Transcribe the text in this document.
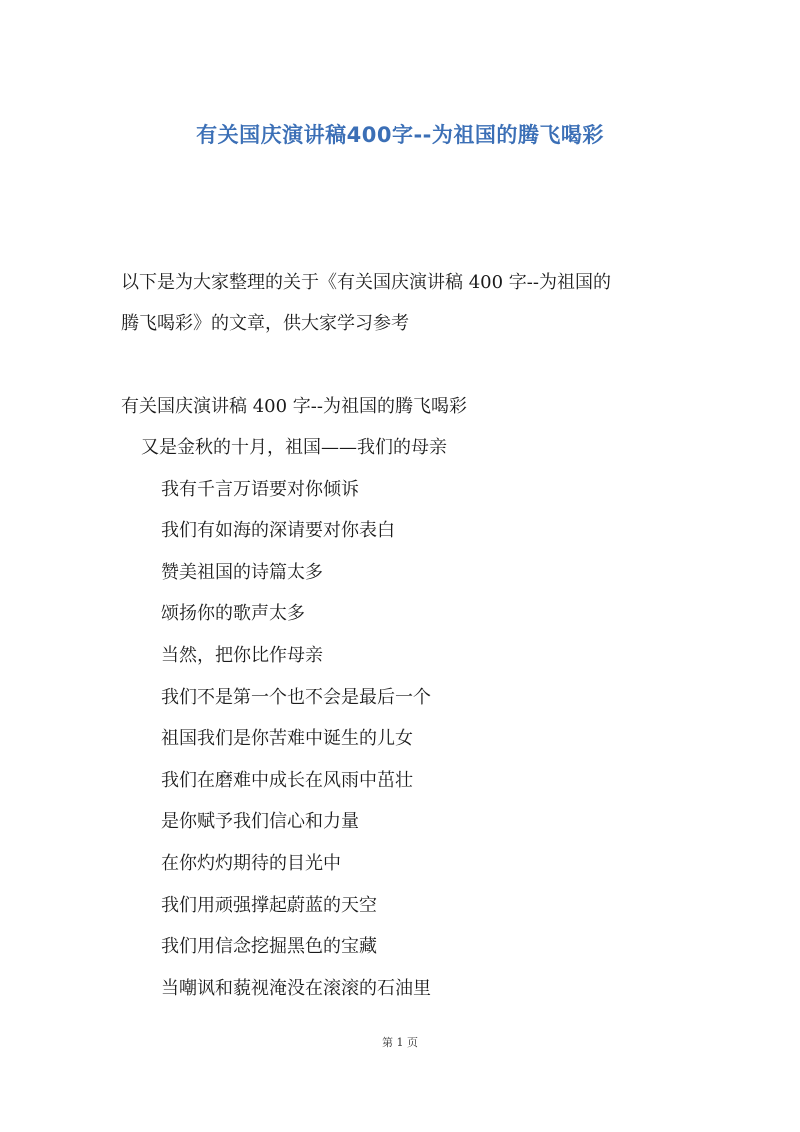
有关国庆演讲稿400字--为祖国的腾飞喝彩

以下是为大家整理的关于《有关国庆演讲稿 400 字--为祖国的

腾飞喝彩》的文章，供大家学习参考

有关国庆演讲稿 400 字--为祖国的腾飞喝彩
又是金秋的十月，祖国——我们的母亲
我有千言万语要对你倾诉
我们有如海的深请要对你表白
赞美祖国的诗篇太多
颂扬你的歌声太多
当然，把你比作母亲
我们不是第一个也不会是最后一个
祖国我们是你苦难中诞生的儿女
我们在磨难中成长在风雨中茁壮
是你赋予我们信心和力量
在你灼灼期待的目光中
我们用顽强撑起蔚蓝的天空
我们用信念挖掘黑色的宝藏
当嘲讽和藐视淹没在滚滚的石油里
第 1 页
